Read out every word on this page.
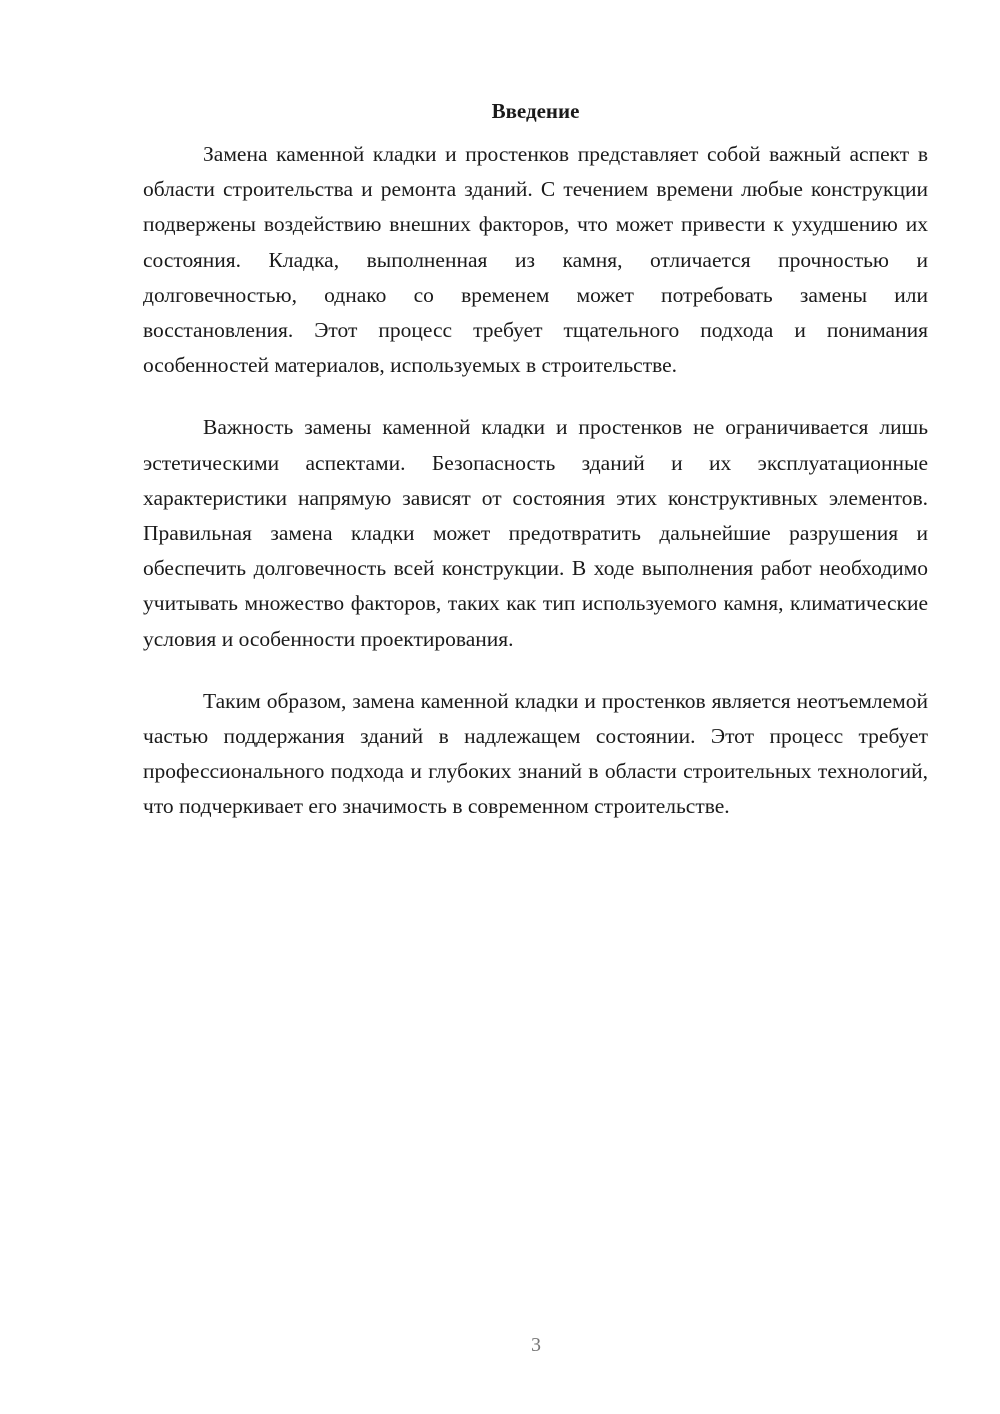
Введение

Замена каменной кладки и простенков представляет собой важный аспект в области строительства и ремонта зданий. С течением времени любые конструкции подвержены воздействию внешних факторов, что может привести к ухудшению их состояния. Кладка, выполненная из камня, отличается прочностью и долговечностью, однако со временем может потребовать замены или восстановления. Этот процесс требует тщательного подхода и понимания особенностей материалов, используемых в строительстве.

Важность замены каменной кладки и простенков не ограничивается лишь эстетическими аспектами. Безопасность зданий и их эксплуатационные характеристики напрямую зависят от состояния этих конструктивных элементов. Правильная замена кладки может предотвратить дальнейшие разрушения и обеспечить долговечность всей конструкции. В ходе выполнения работ необходимо учитывать множество факторов, таких как тип используемого камня, климатические условия и особенности проектирования.

Таким образом, замена каменной кладки и простенков является неотъемлемой частью поддержания зданий в надлежащем состоянии. Этот процесс требует профессионального подхода и глубоких знаний в области строительных технологий, что подчеркивает его значимость в современном строительстве.

3
